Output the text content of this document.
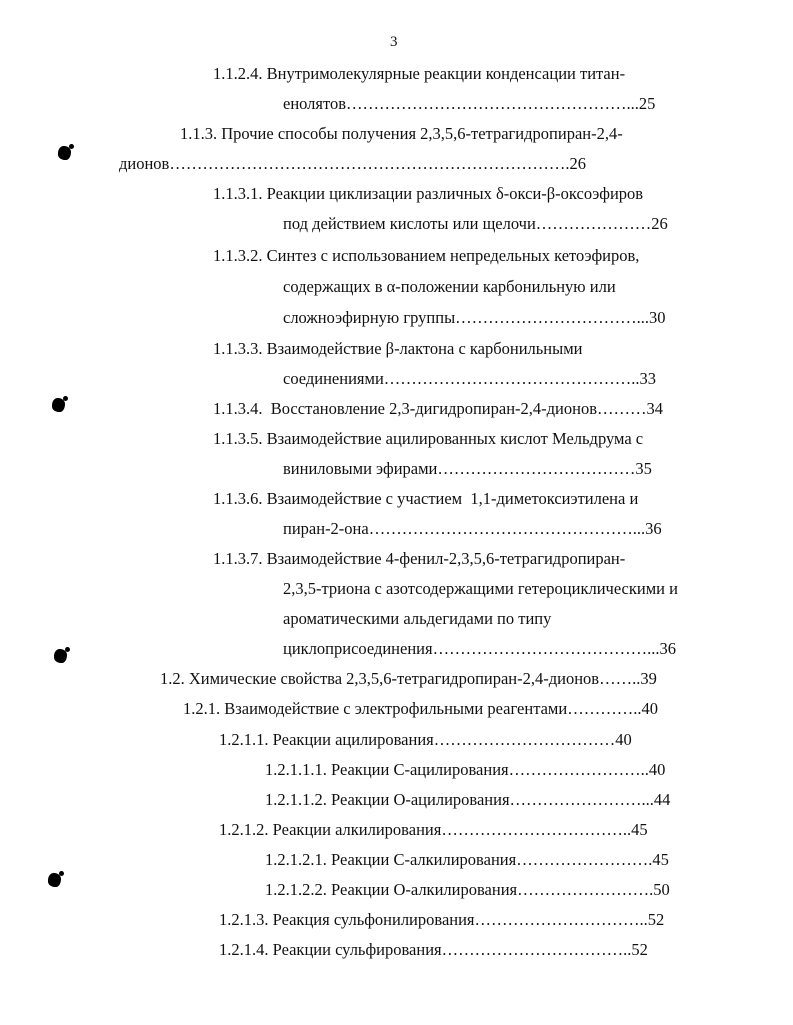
3
1.1.2.4. Внутримолекулярные реакции конденсации титан-
енолятов……………………………………………...25
1.1.3. Прочие способы получения 2,3,5,6-тетрагидропиран-2,4-
дионов……………………………………………………………….26
1.1.3.1. Реакции циклизации различных δ-окси-β-оксоэфиров
под действием кислоты или щелочи…………………26
1.1.3.2. Синтез с использованием непредельных кетоэфиров,
содержащих в α-положении карбонильную или
сложноэфирную группы……………………………...30
1.1.3.3. Взаимодействие β-лактона с карбонильными
соединениями………………………………………..33
1.1.3.4.  Восстановление 2,3-дигидропиран-2,4-дионов………34
1.1.3.5. Взаимодействие ацилированных кислот Мельдрума с
виниловыми эфирами………………………………35
1.1.3.6. Взаимодействие с участием  1,1-диметоксиэтилена и
пиран-2-она…………………………………………...36
1.1.3.7. Взаимодействие 4-фенил-2,3,5,6-тетрагидропиран-
2,3,5-триона с азотсодержащими гетероциклическими и
ароматическими альдегидами по типу
циклоприсоединения…………………………………...36
1.2. Химические свойства 2,3,5,6-тетрагидропиран-2,4-дионов……..39
1.2.1. Взаимодействие с электрофильными реагентами…………..40
1.2.1.1. Реакции ацилирования……………………………40
1.2.1.1.1. Реакции С-ацилирования……………………..40
1.2.1.1.2. Реакции О-ацилирования……………………...44
1.2.1.2. Реакции алкилирования……………………………..45
1.2.1.2.1. Реакции С-алкилирования…………………….45
1.2.1.2.2. Реакции О-алкилирования…………………….50
1.2.1.3. Реакция сульфонилирования…………………………..52
1.2.1.4. Реакции сульфирования……………………………..52
